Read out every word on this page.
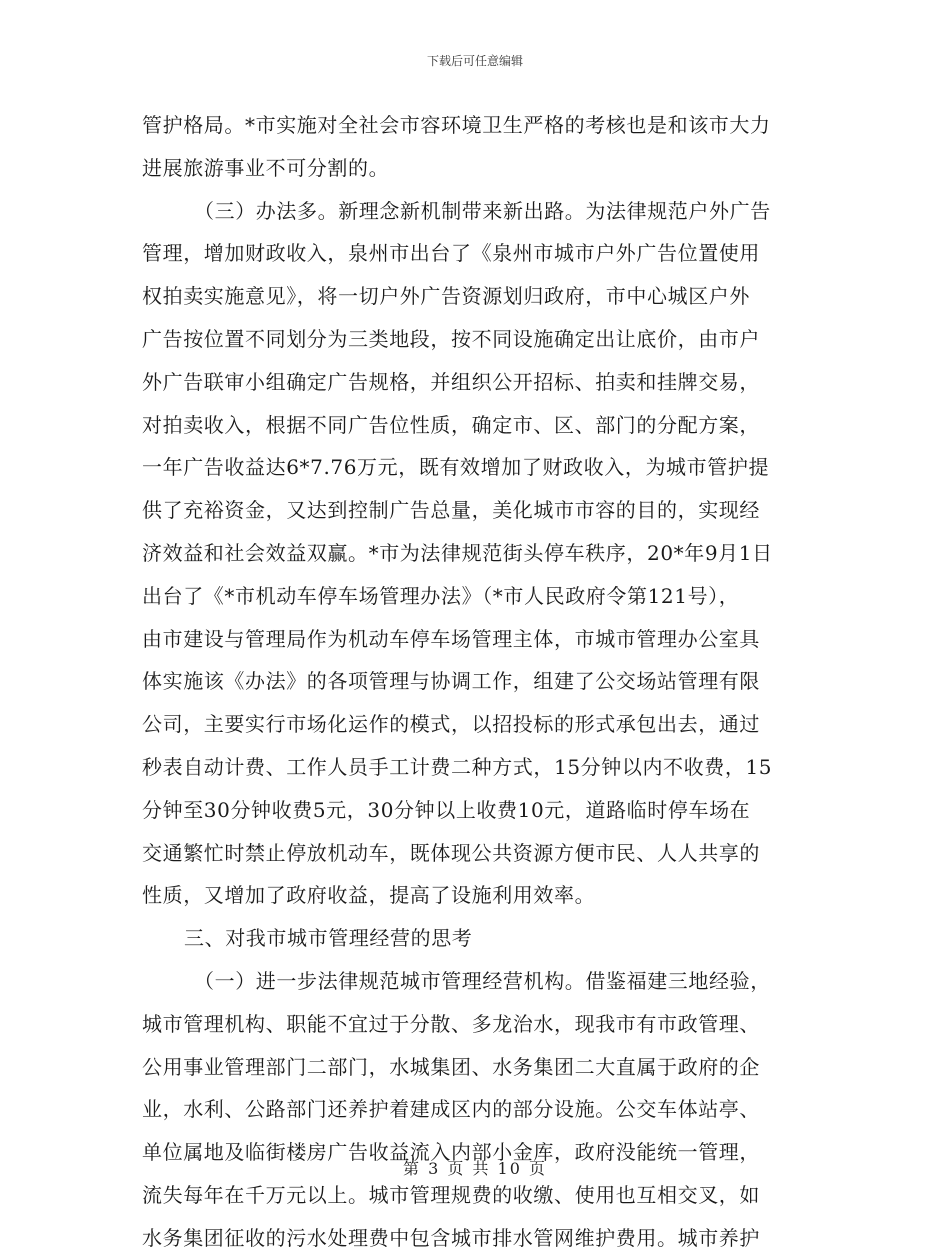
下载后可任意编辑
管护格局。*市实施对全社会市容环境卫生严格的考核也是和该市大力
进展旅游事业不可分割的。
（三）办法多。新理念新机制带来新出路。为法律规范户外广告
管理，增加财政收入，泉州市出台了《泉州市城市户外广告位置使用
权拍卖实施意见》，将一切户外广告资源划归政府，市中心城区户外
广告按位置不同划分为三类地段，按不同设施确定出让底价，由市户
外广告联审小组确定广告规格，并组织公开招标、拍卖和挂牌交易，
对拍卖收入，根据不同广告位性质，确定市、区、部门的分配方案，
一年广告收益达6*7.76万元，既有效增加了财政收入，为城市管护提
供了充裕资金，又达到控制广告总量，美化城市市容的目的，实现经
济效益和社会效益双赢。*市为法律规范街头停车秩序，20*年9月1日
出台了《*市机动车停车场管理办法》（*市人民政府令第121号），
由市建设与管理局作为机动车停车场管理主体，市城市管理办公室具
体实施该《办法》的各项管理与协调工作，组建了公交场站管理有限
公司，主要实行市场化运作的模式，以招投标的形式承包出去，通过
秒表自动计费、工作人员手工计费二种方式，15分钟以内不收费，15
分钟至30分钟收费5元，30分钟以上收费10元，道路临时停车场在
交通繁忙时禁止停放机动车，既体现公共资源方便市民、人人共享的
性质，又增加了政府收益，提高了设施利用效率。
三、对我市城市管理经营的思考
（一）进一步法律规范城市管理经营机构。借鉴福建三地经验，
城市管理机构、职能不宜过于分散、多龙治水，现我市有市政管理、
公用事业管理部门二部门，水城集团、水务集团二大直属于政府的企
业，水利、公路部门还养护着建成区内的部分设施。公交车体站亭、
单位属地及临街楼房广告收益流入内部小金库，政府没能统一管理，
流失每年在千万元以上。城市管理规费的收缴、使用也互相交叉，如
水务集团征收的污水处理费中包含城市排水管网维护费用。城市养护
第 3 页 共 10 页
